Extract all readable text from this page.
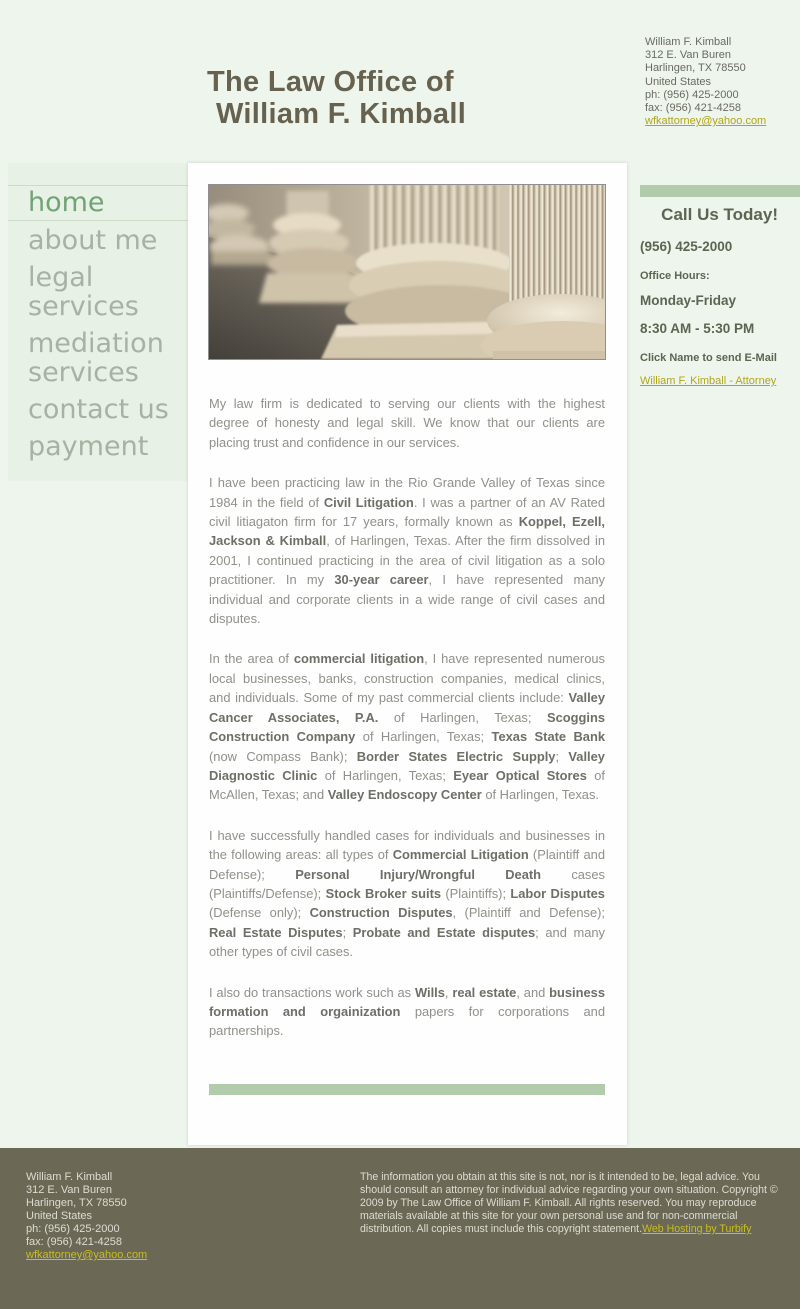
The Law Office of
William F. Kimball
William F. Kimball
312 E. Van Buren
Harlingen, TX 78550
United States
ph: (956) 425-2000
fax: (956) 421-4258
wfkattorney@yahoo.com
home
about me
legal services
mediation services
contact us
payment

My law firm is dedicated to serving our clients with the highest degree of honesty and legal skill. We know that our clients are placing trust and confidence in our services.

I have been practicing law in the Rio Grande Valley of Texas since 1984 in the field of Civil Litigation. I was a partner of an AV Rated civil litiagaton firm for 17 years, formally known as Koppel, Ezell, Jackson & Kimball, of Harlingen, Texas. After the firm dissolved in 2001, I continued practicing in the area of civil litigation as a solo practitioner. In my 30-year career, I have represented many individual and corporate clients in a wide range of civil cases and disputes.

In the area of commercial litigation, I have represented numerous local businesses, banks, construction companies, medical clinics, and individuals. Some of my past commercial clients include: Valley Cancer Associates, P.A. of Harlingen, Texas; Scoggins Construction Company of Harlingen, Texas; Texas State Bank (now Compass Bank); Border States Electric Supply; Valley Diagnostic Clinic of Harlingen, Texas; Eyear Optical Stores of McAllen, Texas; and Valley Endoscopy Center of Harlingen, Texas.

I have successfully handled cases for individuals and businesses in the following areas: all types of Commercial Litigation (Plaintiff and Defense); Personal Injury/Wrongful Death cases (Plaintiffs/Defense); Stock Broker suits (Plaintiffs); Labor Disputes (Defense only); Construction Disputes, (Plaintiff and Defense); Real Estate Disputes; Probate and Estate disputes; and many other types of civil cases.

I also do transactions work such as Wills, real estate, and business formation and orgainization papers for corporations and partnerships.

Call Us Today!
(956) 425-2000
Office Hours:
Monday-Friday
8:30 AM - 5:30 PM
Click Name to send E-Mail
William F. Kimball - Attorney
William F. Kimball
312 E. Van Buren
Harlingen, TX 78550
United States
ph: (956) 425-2000
fax: (956) 421-4258
wfkattorney@yahoo.com
The information you obtain at this site is not, nor is it intended to be, legal advice. You should consult an attorney for individual advice regarding your own situation. Copyright © 2009 by The Law Office of William F. Kimball. All rights reserved. You may reproduce materials available at this site for your own personal use and for non-commercial distribution. All copies must include this copyright statement.Web Hosting by Turbify
